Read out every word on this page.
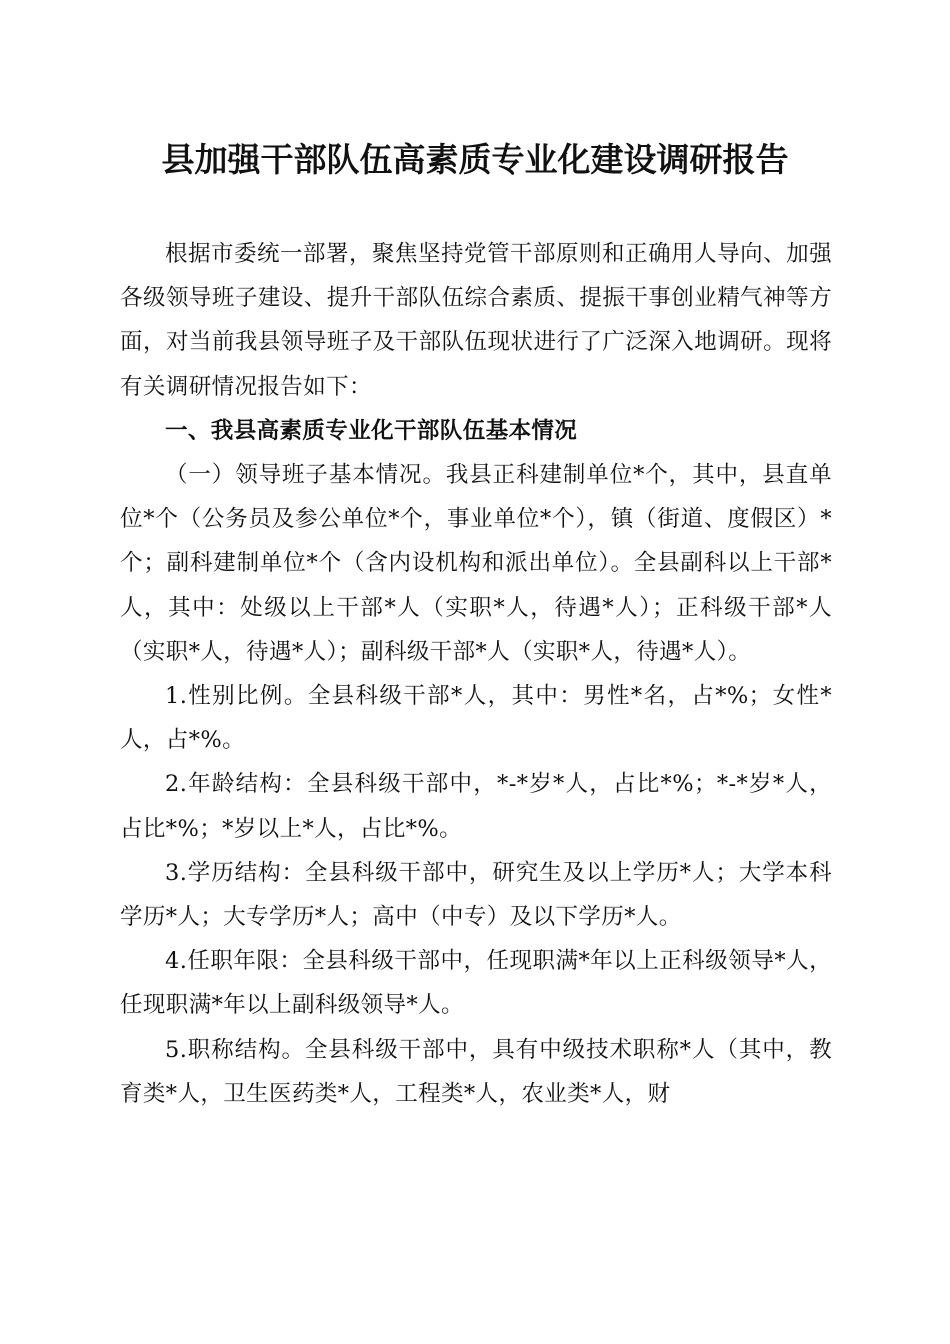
县加强干部队伍高素质专业化建设调研报告

根据市委统一部署，聚焦坚持党管干部原则和正确用人导向、加强各级领导班子建设、提升干部队伍综合素质、提振干事创业精气神等方面，对当前我县领导班子及干部队伍现状进行了广泛深入地调研。现将有关调研情况报告如下：

一、我县高素质专业化干部队伍基本情况

（一）领导班子基本情况。我县正科建制单位*个，其中，县直单位*个（公务员及参公单位*个，事业单位*个），镇（街道、度假区）*个；副科建制单位*个（含内设机构和派出单位）。全县副科以上干部*人，其中：处级以上干部*人（实职*人，待遇*人）；正科级干部*人（实职*人，待遇*人）；副科级干部*人（实职*人，待遇*人）。

1.性别比例。全县科级干部*人，其中：男性*名，占*%；女性*人，占*%。

2.年龄结构：全县科级干部中，*-*岁*人，占比*%；*-*岁*人，占比*%；*岁以上*人，占比*%。

3.学历结构：全县科级干部中，研究生及以上学历*人；大学本科学历*人；大专学历*人；高中（中专）及以下学历*人。

4.任职年限：全县科级干部中，任现职满*年以上正科级领导*人，任现职满*年以上副科级领导*人。

5.职称结构。全县科级干部中，具有中级技术职称*人（其中，教育类*人，卫生医药类*人，工程类*人，农业类*人，财
